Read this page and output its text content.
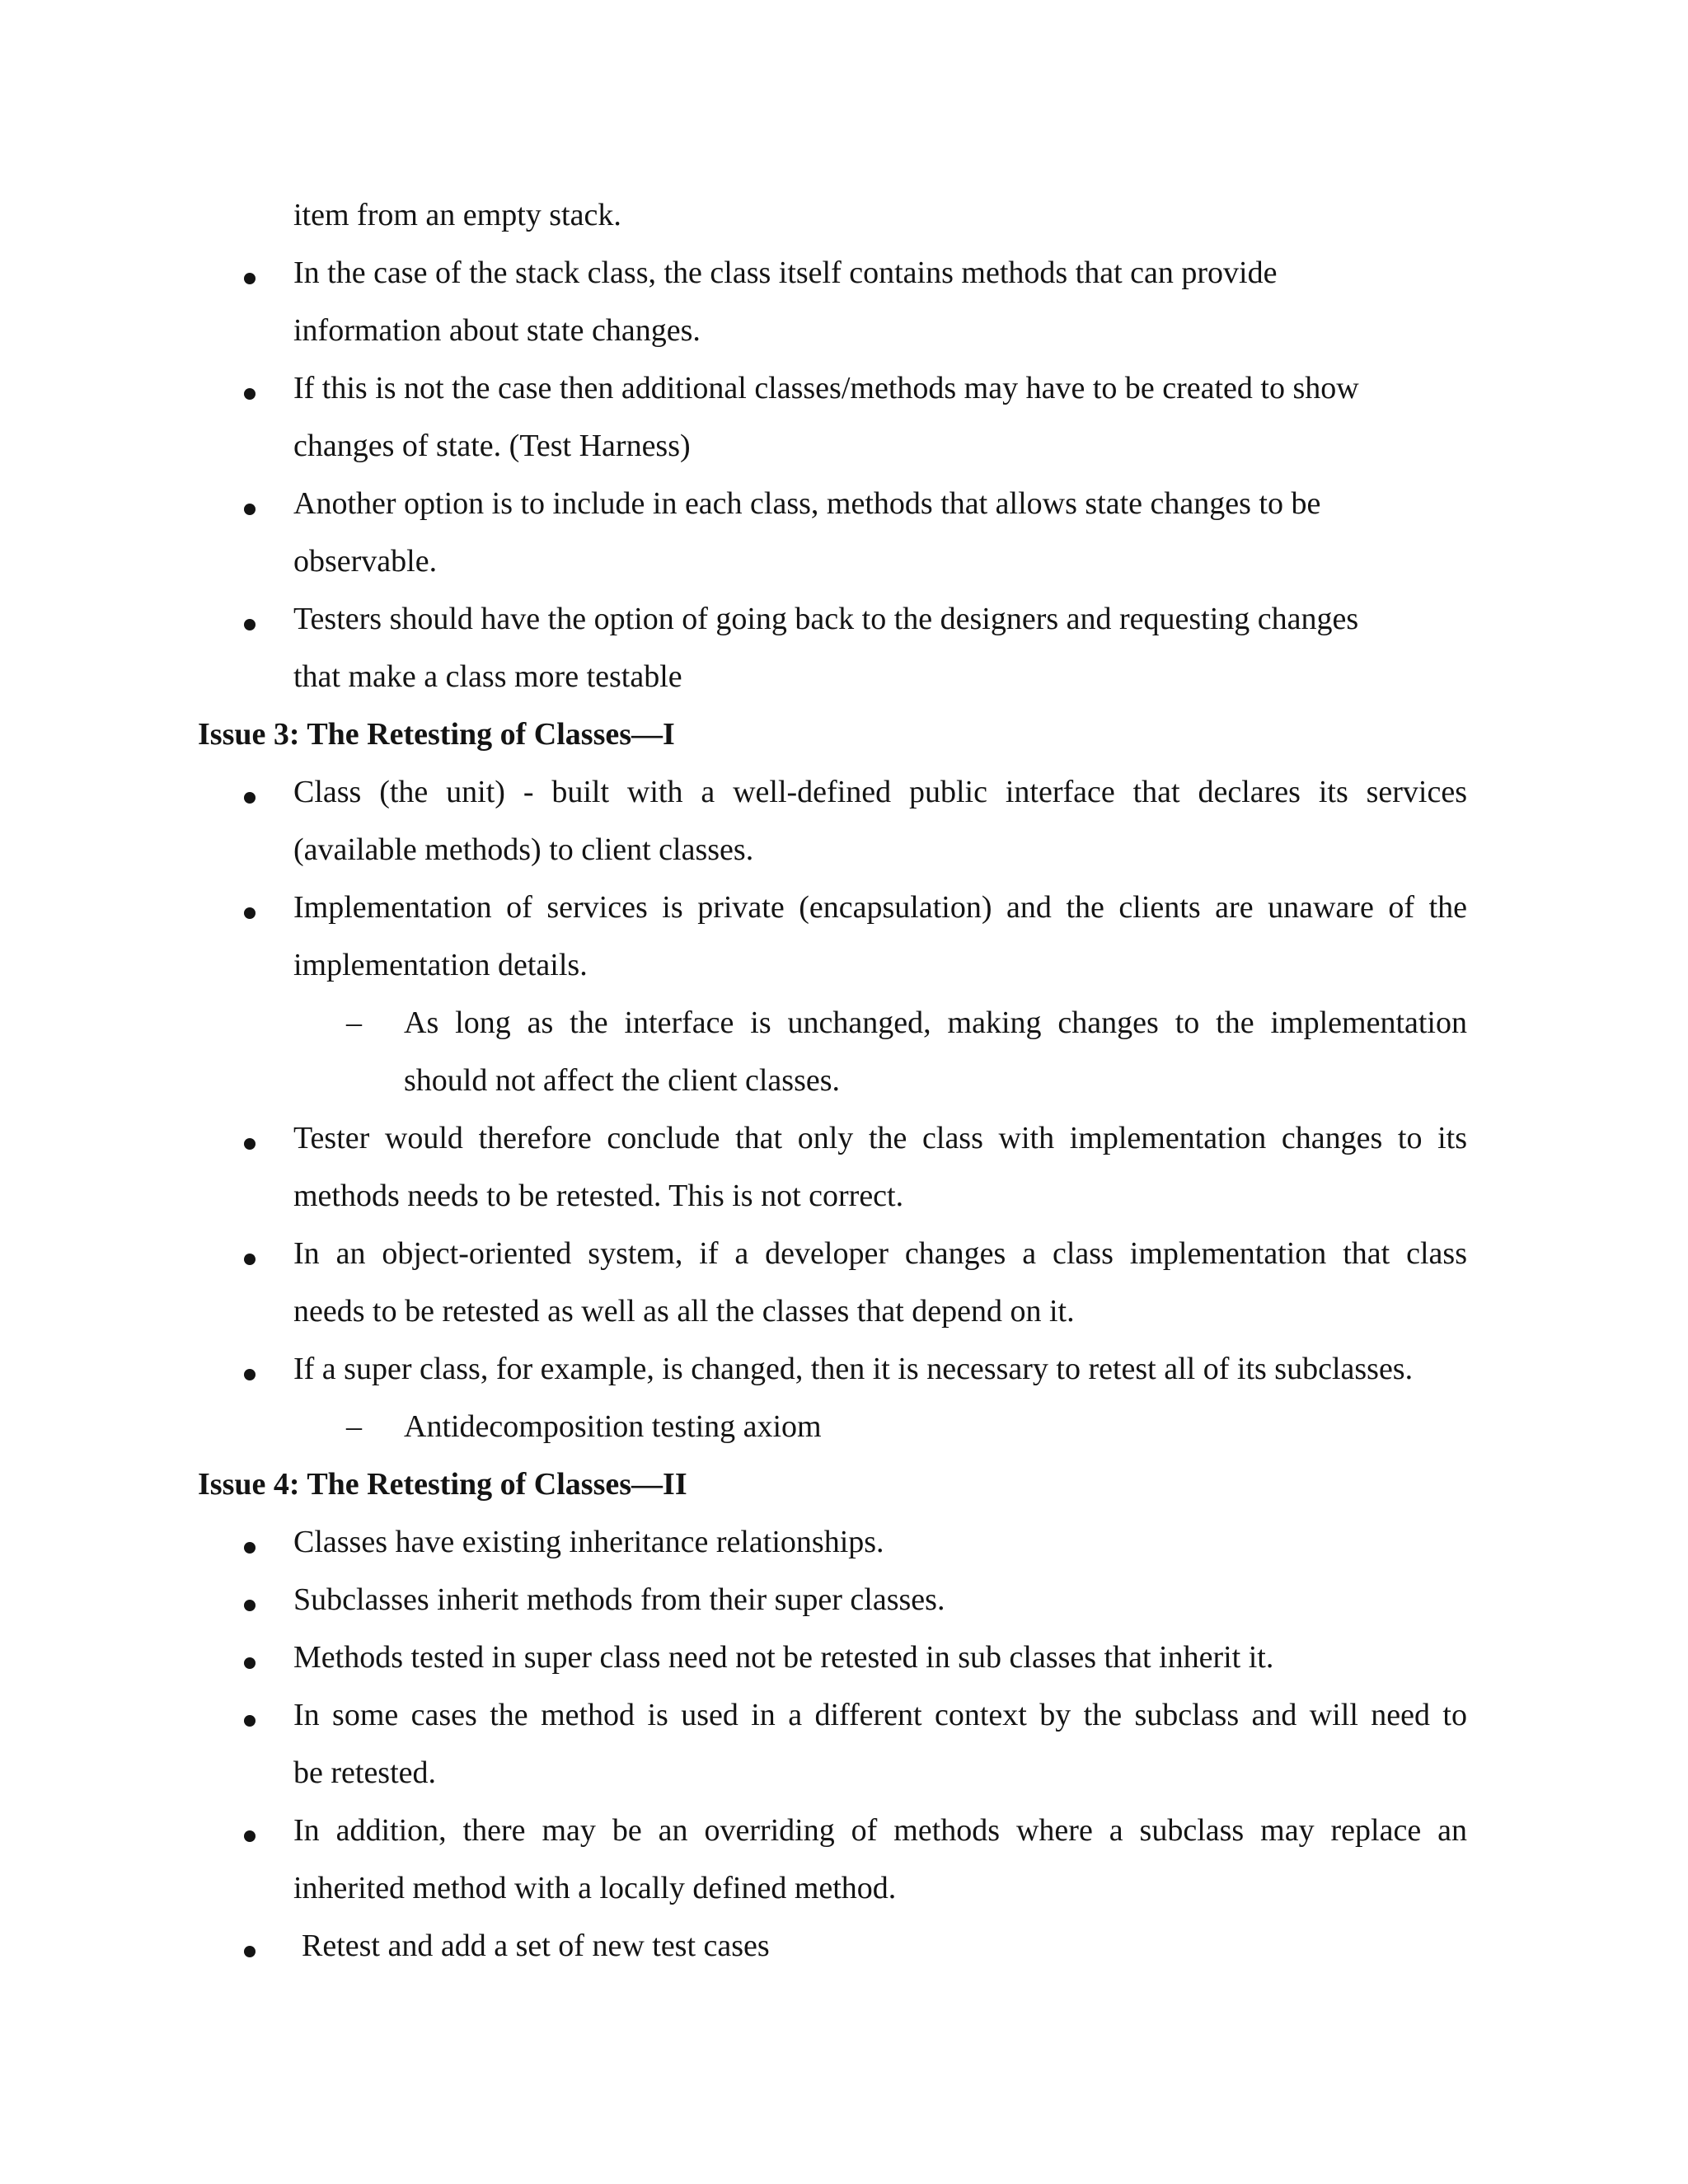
item from an empty stack.
In the case of the stack class, the class itself contains methods that can provide
information about state changes.
If this is not the case then additional classes/methods may have to be created to show
changes of state. (Test Harness)
Another option is to include in each class, methods that allows state changes to be
observable.
Testers should have the option of going back to the designers and requesting changes
that make a class more testable
Issue 3: The Retesting of Classes—I
Class (the unit) - built with a well-defined public interface that declares its services
(available methods) to client classes.
Implementation of services is private (encapsulation) and the clients are unaware of the
implementation details.
– As long as the interface is unchanged, making changes to the implementation
should not affect the client classes.
Tester would therefore conclude that only the class with implementation changes to its
methods needs to be retested. This is not correct.
In an object-oriented system, if a developer changes a class implementation that class
needs to be retested as well as all the classes that depend on it.
If a super class, for example, is changed, then it is necessary to retest all of its subclasses.
– Antidecomposition testing axiom
Issue 4: The Retesting of Classes—II
Classes have existing inheritance relationships.
Subclasses inherit methods from their super classes.
Methods tested in super class need not be retested in sub classes that inherit it.
In some cases the method is used in a different context by the subclass and will need to
be retested.
In addition, there may be an overriding of methods where a subclass may replace an
inherited method with a locally defined method.
Retest and add a set of new test cases
